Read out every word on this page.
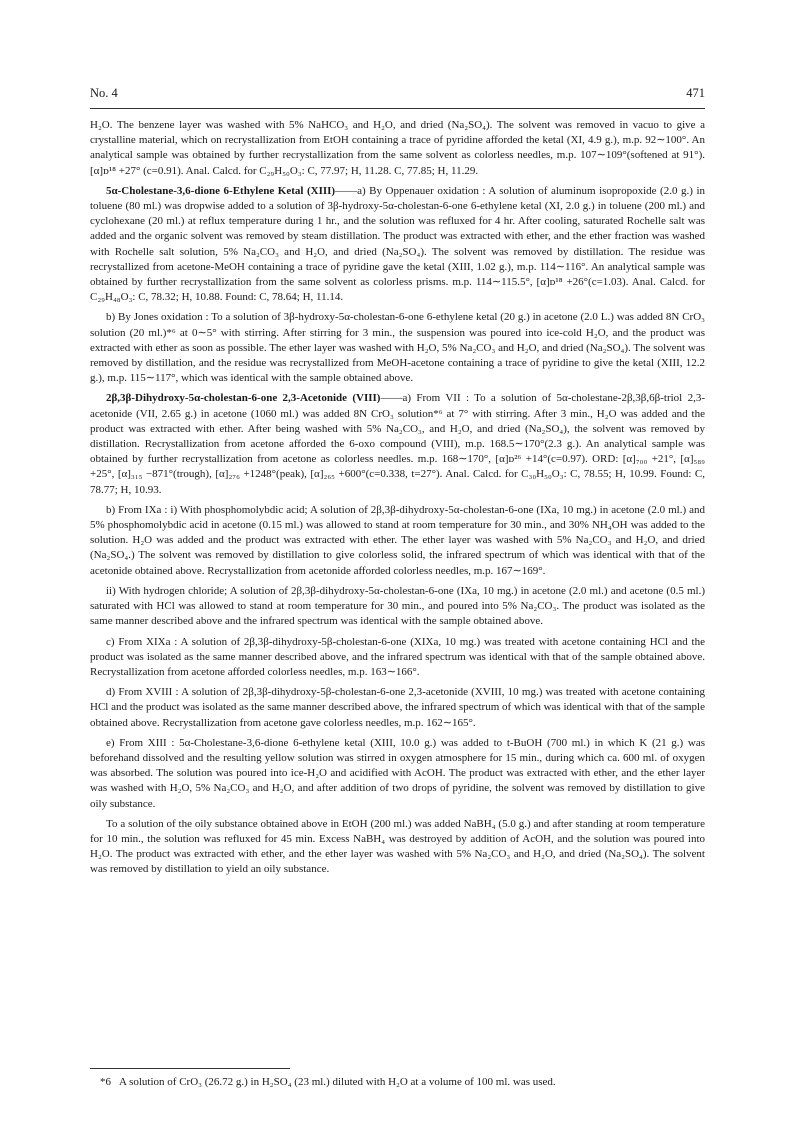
No. 4	471

H₂O. The benzene layer was washed with 5% NaHCO₃ and H₂O, and dried (Na₂SO₄). The solvent was removed in vacuo to give a crystalline material, which on recrystallization from EtOH containing a trace of pyridine afforded the ketal (XI, 4.9 g.), m.p. 92∼100°. An analytical sample was obtained by further recrystallization from the same solvent as colorless needles, m.p. 107∼109°(softened at 91°). [α]ᴅ¹⁸ +27° (c=0.91). Anal. Calcd. for C₂₉H₅₀O₃: C, 77.97; H, 11.28. C, 77.85; H, 11.29.

5α-Cholestane-3,6-dione 6-Ethylene Ketal (XIII)——a) By Oppenauer oxidation : A solution of aluminum isopropoxide (2.0 g.) in toluene (80 ml.) was dropwise added to a solution of 3β-hydroxy-5α-cholestan-6-one 6-ethylene ketal (XI, 2.0 g.) in toluene (200 ml.) and cyclohexane (20 ml.) at reflux temperature during 1 hr., and the solution was refluxed for 4 hr. After cooling, saturated Rochelle salt was added and the organic solvent was removed by steam distillation. The product was extracted with ether, and the ether fraction was washed with Rochelle salt solution, 5% Na₂CO₃ and H₂O, and dried (Na₂SO₄). The solvent was removed by distillation. The residue was recrystallized from acetone-MeOH containing a trace of pyridine gave the ketal (XIII, 1.02 g.), m.p. 114∼116°. An analytical sample was obtained by further recrystallization from the same solvent as colorless prisms. m.p. 114∼115.5°, [α]ᴅ¹⁸ +26°(c=1.03). Anal. Calcd. for C₂₉H₄₈O₃: C, 78.32; H, 10.88. Found: C, 78.64; H, 11.14.

b) By Jones oxidation : To a solution of 3β-hydroxy-5α-cholestan-6-one 6-ethylene ketal (20 g.) in acetone (2.0 L.) was added 8N CrO₃ solution (20 ml.)*⁶ at 0∼5° with stirring. After stirring for 3 min., the suspension was poured into ice-cold H₂O, and the product was extracted with ether as soon as possible. The ether layer was washed with H₂O, 5% Na₂CO₃ and H₂O, and dried (Na₂SO₄). The solvent was removed by distillation, and the residue was recrystallized from MeOH-acetone containing a trace of pyridine to give the ketal (XIII, 12.2 g.), m.p. 115∼117°, which was identical with the sample obtained above.

2β,3β-Dihydroxy-5α-cholestan-6-one 2,3-Acetonide (VIII)——a) From VII : To a solution of 5α-cholestane-2β,3β,6β-triol 2,3-acetonide (VII, 2.65 g.) in acetone (1060 ml.) was added 8N CrO₃ solution*⁶ at 7° with stirring. After 3 min., H₂O was added and the product was extracted with ether. After being washed with 5% Na₂CO₃, and H₂O, and dried (Na₂SO₄), the solvent was removed by distillation. Recrystallization from acetone afforded the 6-oxo compound (VIII), m.p. 168.5∼170°(2.3 g.). An analytical sample was obtained by further recrystallization from acetone as colorless needles. m.p. 168∼170°, [α]ᴅ²⁶ +14°(c=0.97). ORD: [α]₇₀₀ +21°, [α]₅₈₉ +25°, [α]₃₁₅ −871°(trough), [α]₂₇₆ +1248°(peak), [α]₂₆₅ +600°(c=0.338, t=27°). Anal. Calcd. for C₃₀H₅₀O₃: C, 78.55; H, 10.99. Found: C, 78.77; H, 10.93.

b) From IXa : i) With phosphomolybdic acid; A solution of 2β,3β-dihydroxy-5α-cholestan-6-one (IXa, 10 mg.) in acetone (2.0 ml.) and 5% phosphomolybdic acid in acetone (0.15 ml.) was allowed to stand at room temperature for 30 min., and 30% NH₄OH was added to the solution. H₂O was added and the product was extracted with ether. The ether layer was washed with 5% Na₂CO₃ and H₂O, and dried (Na₂SO₄.) The solvent was removed by distillation to give colorless solid, the infrared spectrum of which was identical with that of the acetonide obtained above. Recrystallization from acetonide afforded colorless needles, m.p. 167∼169°.

ii) With hydrogen chloride; A solution of 2β,3β-dihydroxy-5α-cholestan-6-one (IXa, 10 mg.) in acetone (2.0 ml.) and acetone (0.5 ml.) saturated with HCl was allowed to stand at room temperature for 30 min., and poured into 5% Na₂CO₃. The product was isolated as the same manner described above and the infrared spectrum was identical with the sample obtained above.

c) From XIXa : A solution of 2β,3β-dihydroxy-5β-cholestan-6-one (XIXa, 10 mg.) was treated with acetone containing HCl and the product was isolated as the same manner described above, and the infrared spectrum was identical with that of the sample obtained above. Recrystallization from acetone afforded colorless needles, m.p. 163∼166°.

d) From XVIII : A solution of 2β,3β-dihydroxy-5β-cholestan-6-one 2,3-acetonide (XVIII, 10 mg.) was treated with acetone containing HCl and the product was isolated as the same manner described above, the infrared spectrum of which was identical with that of the sample obtained above. Recrystallization from acetone gave colorless needles, m.p. 162∼165°.

e) From XIII : 5α-Cholestane-3,6-dione 6-ethylene ketal (XIII, 10.0 g.) was added to t-BuOH (700 ml.) in which K (21 g.) was beforehand dissolved and the resulting yellow solution was stirred in oxygen atmosphere for 15 min., during which ca. 600 ml. of oxygen was absorbed. The solution was poured into ice-H₂O and acidified with AcOH. The product was extracted with ether, and the ether layer was washed with H₂O, 5% Na₂CO₃ and H₂O, and after addition of two drops of pyridine, the solvent was removed by distillation to give oily substance.

To a solution of the oily substance obtained above in EtOH (200 ml.) was added NaBH₄ (5.0 g.) and after standing at room temperature for 10 min., the solution was refluxed for 45 min. Excess NaBH₄ was destroyed by addition of AcOH, and the solution was poured into H₂O. The product was extracted with ether, and the ether layer was washed with 5% Na₂CO₃ and H₂O, and dried (Na₂SO₄). The solvent was removed by distillation to yield an oily substance.

*6 A solution of CrO₃ (26.72 g.) in H₂SO₄ (23 ml.) diluted with H₂O at a volume of 100 ml. was used.
